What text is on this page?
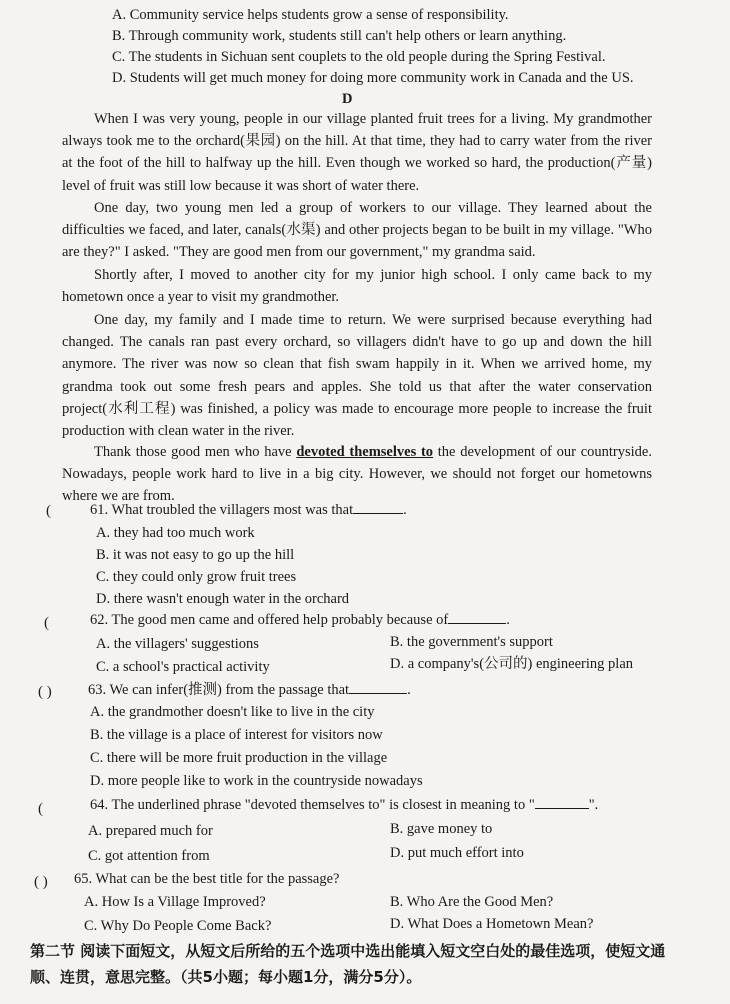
A. Community service helps students grow a sense of responsibility.
B. Through community work, students still can't help others or learn anything.
C. The students in Sichuan sent couplets to the old people during the Spring Festival.
D. Students will get much money for doing more community work in Canada and the US.
D
When I was very young, people in our village planted fruit trees for a living. My grandmother always took me to the orchard(果园) on the hill. At that time, they had to carry water from the river at the foot of the hill to halfway up the hill. Even though we worked so hard, the production(产量) level of fruit was still low because it was short of water there.
One day, two young men led a group of workers to our village. They learned about the difficulties we faced, and later, canals(水渠) and other projects began to be built in my village. "Who are they?" I asked. "They are good men from our government," my grandma said.
Shortly after, I moved to another city for my junior high school. I only came back to my hometown once a year to visit my grandmother.
One day, my family and I made time to return. We were surprised because everything had changed. The canals ran past every orchard, so villagers didn't have to go up and down the hill anymore. The river was now so clean that fish swam happily in it. When we arrived home, my grandma took out some fresh pears and apples. She told us that after the water conservation project(水利工程) was finished, a policy was made to encourage more people to increase the fruit production with clean water in the river.
Thank those good men who have devoted themselves to the development of our countryside. Nowadays, people work hard to live in a big city. However, we should not forget our hometowns where we are from.
(	61. What troubled the villagers most was that	.
A. they had too much work
B. it was not easy to go up the hill
C. they could only grow fruit trees
D. there wasn't enough water in the orchard
(	62. The good men came and offered help probably because of	.
A. the villagers' suggestions	B. the government's support
C. a school's practical activity	D. a company's(公司的) engineering plan
( )	63. We can infer(推测) from the passage that	.
A. the grandmother doesn't like to live in the city
B. the village is a place of interest for visitors now
C. there will be more fruit production in the village
D. more people like to work in the countryside nowadays
(	64. The underlined phrase "devoted themselves to" is closest in meaning to "	".
A. prepared much for	B. gave money to
C. got attention from	D. put much effort into
( ) 65. What can be the best title for the passage?
A. How Is a Village Improved?	B. Who Are the Good Men?
C. Why Do People Come Back?	D. What Does a Hometown Mean?
第二节 阅读下面短文，从短文后所给的五个选项中选出能填入短文空白处的最佳选项，使短文通顺、连贯，意思完整。（共5小题；每小题1分，满分5分）。
